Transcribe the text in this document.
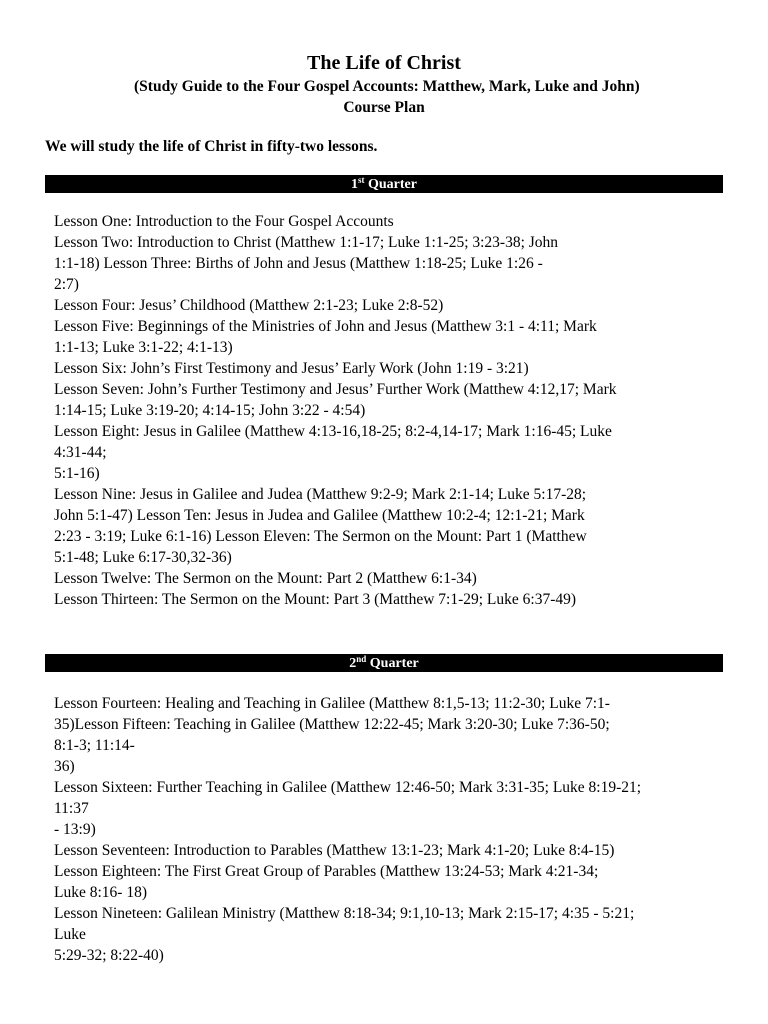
The Life of Christ
(Study Guide to the Four Gospel Accounts: Matthew, Mark, Luke and John)
Course Plan
We will study the life of Christ in fifty-two lessons.
1st Quarter
Lesson One: Introduction to the Four Gospel Accounts
Lesson Two: Introduction to Christ (Matthew 1:1-17; Luke 1:1-25; 3:23-38; John
1:1-18) Lesson Three: Births of John and Jesus (Matthew 1:18-25; Luke 1:26 -
2:7)
Lesson Four: Jesus’ Childhood (Matthew 2:1-23; Luke 2:8-52)
Lesson Five: Beginnings of the Ministries of John and Jesus (Matthew 3:1 - 4:11; Mark
1:1-13; Luke 3:1-22; 4:1-13)
Lesson Six: John’s First Testimony and Jesus’ Early Work (John 1:19 - 3:21)
Lesson Seven: John’s Further Testimony and Jesus’ Further Work (Matthew 4:12,17; Mark
1:14-15; Luke 3:19-20; 4:14-15; John 3:22 - 4:54)
Lesson Eight: Jesus in Galilee (Matthew 4:13-16,18-25; 8:2-4,14-17; Mark 1:16-45; Luke
4:31-44;
5:1-16)
Lesson Nine: Jesus in Galilee and Judea (Matthew 9:2-9; Mark 2:1-14; Luke 5:17-28;
John 5:1-47) Lesson Ten: Jesus in Judea and Galilee (Matthew 10:2-4; 12:1-21; Mark
2:23 - 3:19; Luke 6:1-16) Lesson Eleven: The Sermon on the Mount: Part 1 (Matthew
5:1-48; Luke 6:17-30,32-36)
Lesson Twelve: The Sermon on the Mount: Part 2 (Matthew 6:1-34)
Lesson Thirteen: The Sermon on the Mount: Part 3 (Matthew 7:1-29; Luke 6:37-49)
2nd Quarter
Lesson Fourteen: Healing and Teaching in Galilee (Matthew 8:1,5-13; 11:2-30; Luke 7:1-
35)Lesson Fifteen: Teaching in Galilee (Matthew 12:22-45; Mark 3:20-30; Luke 7:36-50;
8:1-3; 11:14-
36)
Lesson Sixteen: Further Teaching in Galilee (Matthew 12:46-50; Mark 3:31-35; Luke 8:19-21;
11:37
- 13:9)
Lesson Seventeen: Introduction to Parables (Matthew 13:1-23; Mark 4:1-20; Luke 8:4-15)
Lesson Eighteen: The First Great Group of Parables (Matthew 13:24-53; Mark 4:21-34;
Luke 8:16- 18)
Lesson Nineteen: Galilean Ministry (Matthew 8:18-34; 9:1,10-13; Mark 2:15-17; 4:35 - 5:21;
Luke
5:29-32; 8:22-40)
